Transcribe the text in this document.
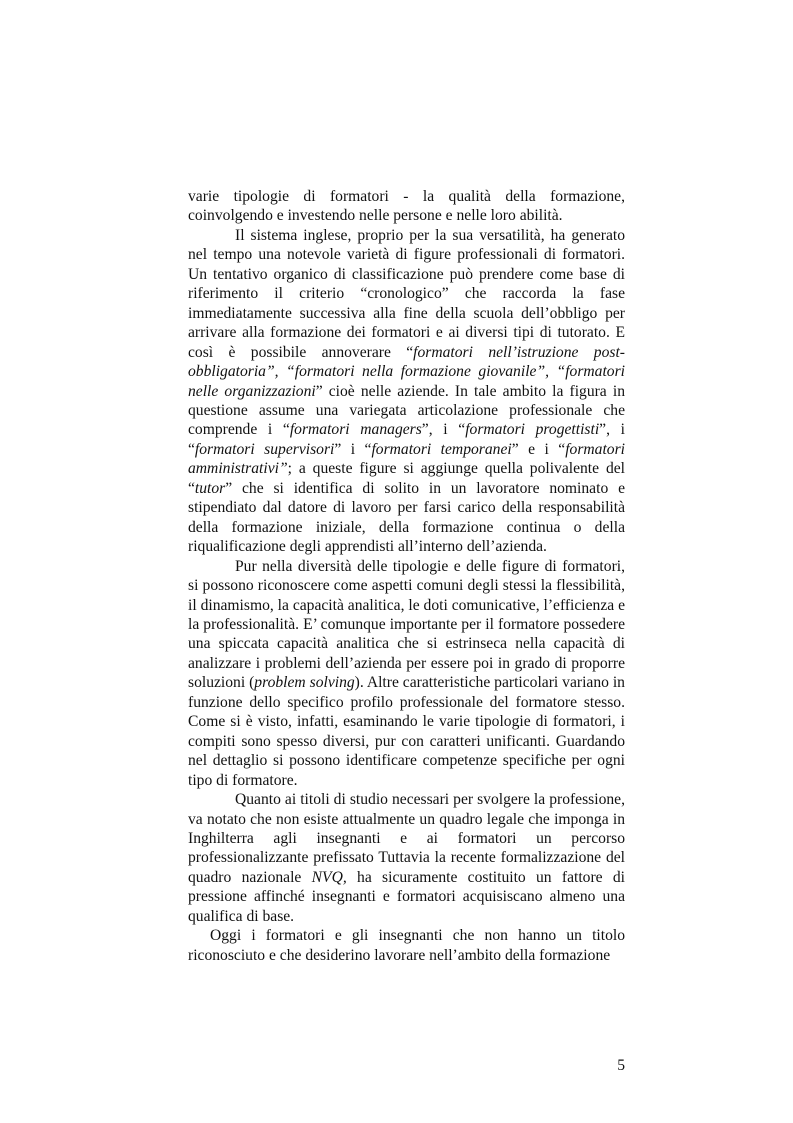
varie tipologie di formatori - la qualità della formazione, coinvolgendo e investendo nelle persone e nelle loro abilità.

Il sistema inglese, proprio per la sua versatilità, ha generato nel tempo una notevole varietà di figure professionali di formatori. Un tentativo organico di classificazione può prendere come base di riferimento il criterio “cronologico” che raccorda la fase immediatamente successiva alla fine della scuola dell’obbligo per arrivare alla formazione dei formatori e ai diversi tipi di tutorato. E così è possibile annoverare “formatori nell’istruzione post-obbligatoria”, “formatori nella formazione giovanile”, “formatori nelle organizzazioni” cioè nelle aziende. In tale ambito la figura in questione assume una variegata articolazione professionale che comprende i “formatori managers”, i “formatori progettisti”, i “formatori supervisori” i “formatori temporanei” e i “formatori amministrativi”; a queste figure si aggiunge quella polivalente del “tutor” che si identifica di solito in un lavoratore nominato e stipendiato dal datore di lavoro per farsi carico della responsabilità della formazione iniziale, della formazione continua o della riqualificazione degli apprendisti all’interno dell’azienda.

Pur nella diversità delle tipologie e delle figure di formatori, si possono riconoscere come aspetti comuni degli stessi la flessibilità, il dinamismo, la capacità analitica, le doti comunicative, l’efficienza e la professionalità. E’ comunque importante per il formatore possedere una spiccata capacità analitica che si estrinseca nella capacità di analizzare i problemi dell’azienda per essere poi in grado di proporre soluzioni (problem solving). Altre caratteristiche particolari variano in funzione dello specifico profilo professionale del formatore stesso. Come si è visto, infatti, esaminando le varie tipologie di formatori, i compiti sono spesso diversi, pur con caratteri unificanti. Guardando nel dettaglio si possono identificare competenze specifiche per ogni tipo di formatore.

Quanto ai titoli di studio necessari per svolgere la professione, va notato che non esiste attualmente un quadro legale che imponga in Inghilterra agli insegnanti e ai formatori un percorso professionalizzante prefissato Tuttavia la recente formalizzazione del quadro nazionale NVQ, ha sicuramente costituito un fattore di pressione affinché insegnanti e formatori acquisiscano almeno una qualifica di base.

Oggi i formatori e gli insegnanti che non hanno un titolo riconosciuto e che desiderino lavorare nell’ambito della formazione

5
